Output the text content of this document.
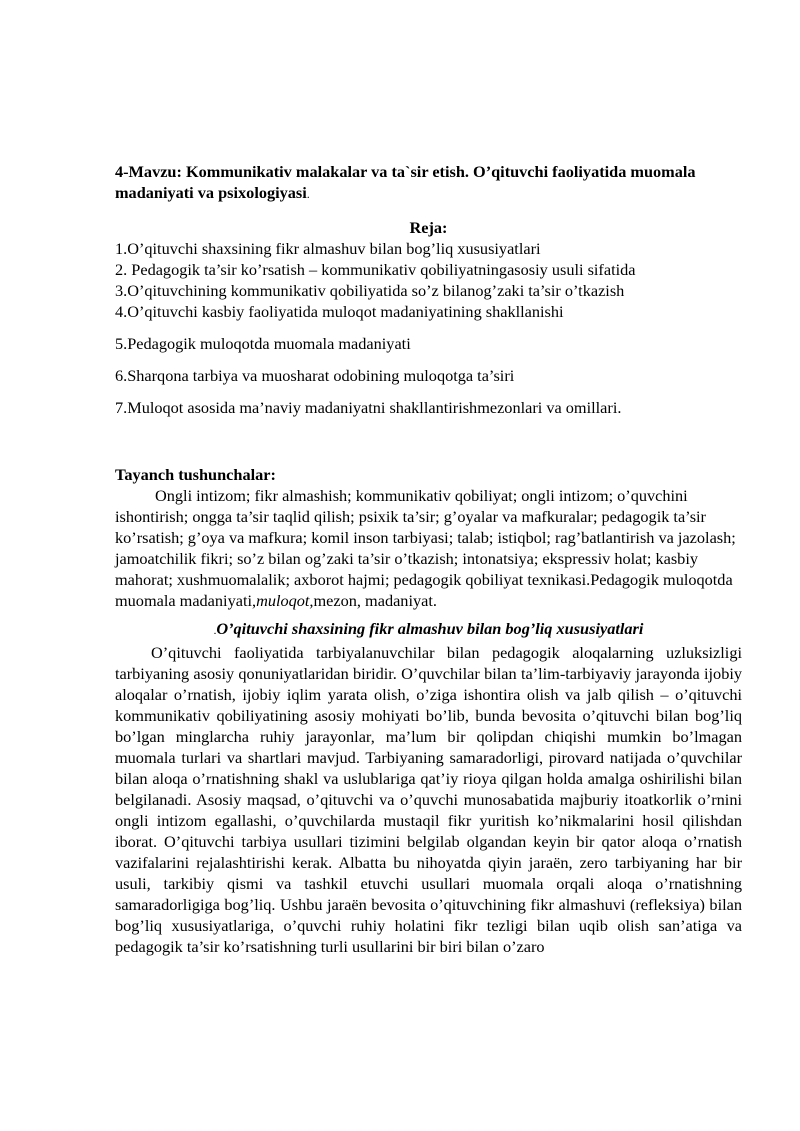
4-Mavzu: Kommunikativ malakalar va ta`sir etish. O’qituvchi faoliyatida muomala madaniyati va psixologiyasi.

Reja:

1.O’qituvchi shaxsining fikr almashuv bilan bog’liq xususiyatlari
2. Pedagogik ta’sir ko’rsatish – kommunikativ qobiliyatningasosiy usuli sifatida
3.O’qituvchining kommunikativ qobiliyatida so’z bilanog’zaki ta’sir o’tkazish
4.O’qituvchi kasbiy faoliyatida muloqot madaniyatining shakllanishi
5.Pedagogik muloqotda muomala madaniyati
6.Sharqona tarbiya va muosharat odobining muloqotga ta’siri
7.Muloqot asosida ma’naviy madaniyatni shakllantirishmezonlari va omillari.

Tayanch tushunchalar:

Ongli intizom; fikr almashish; kommunikativ qobiliyat; ongli intizom; o’quvchini ishontirish; ongga ta’sir taqlid qilish; psixik ta’sir; g’oyalar va mafkuralar; pedagogik ta’sir ko’rsatish; g’oya va mafkura; komil inson tarbiyasi; talab; istiqbol; rag’batlantirish va jazolash; jamoatchilik fikri; so’z bilan og’zaki ta’sir o’tkazish; intonatsiya; ekspressiv holat; kasbiy mahorat; xushmuomalalik; axborot hajmi; pedagogik qobiliyat texnikasi.Pedagogik muloqotda muomala madaniyati,muloqot,mezon, madaniyat.

.O’qituvchi shaxsining fikr almashuv bilan bog’liq xususiyatlari

O’qituvchi faoliyatida tarbiyalanuvchilar bilan pedagogik aloqalarning uzluksizligi tarbiyaning asosiy qonuniyatlaridan biridir. O’quvchilar bilan ta’lim-tarbiyaviy jarayonda ijobiy aloqalar o’rnatish, ijobiy iqlim yarata olish, o’ziga ishontira olish va jalb qilish – o’qituvchi kommunikativ qobiliyatining asosiy mohiyati bo’lib, bunda bevosita o’qituvchi bilan bog’liq bo’lgan minglarcha ruhiy jarayonlar, ma’lum bir qolipdan chiqishi mumkin bo’lmagan muomala turlari va shartlari mavjud. Tarbiyaning samaradorligi, pirovard natijada o’quvchilar bilan aloqa o’rnatishning shakl va uslublariga qat’iy rioya qilgan holda amalga oshirilishi bilan belgilanadi. Asosiy maqsad, o’qituvchi va o’quvchi munosabatida majburiy itoatkorlik o’rnini ongli intizom egallashi, o’quvchilarda mustaqil fikr yuritish ko’nikmalarini hosil qilishdan iborat. O’qituvchi tarbiya usullari tizimini belgilab olgandan keyin bir qator aloqa o’rnatish vazifalarini rejalashtirishi kerak. Albatta bu nihoyatda qiyin jaraёn, zero tarbiyaning har bir usuli, tarkibiy qismi va tashkil etuvchi usullari muomala orqali aloqa o’rnatishning samaradorligiga bog’liq. Ushbu jaraёn bevosita o’qituvchining fikr almashuvi (refleksiya) bilan bog’liq xususiyatlariga, o’quvchi ruhiy holatini fikr tezligi bilan uqib olish san’atiga va pedagogik ta’sir ko’rsatishning turli usullarini bir biri bilan o’zaro
